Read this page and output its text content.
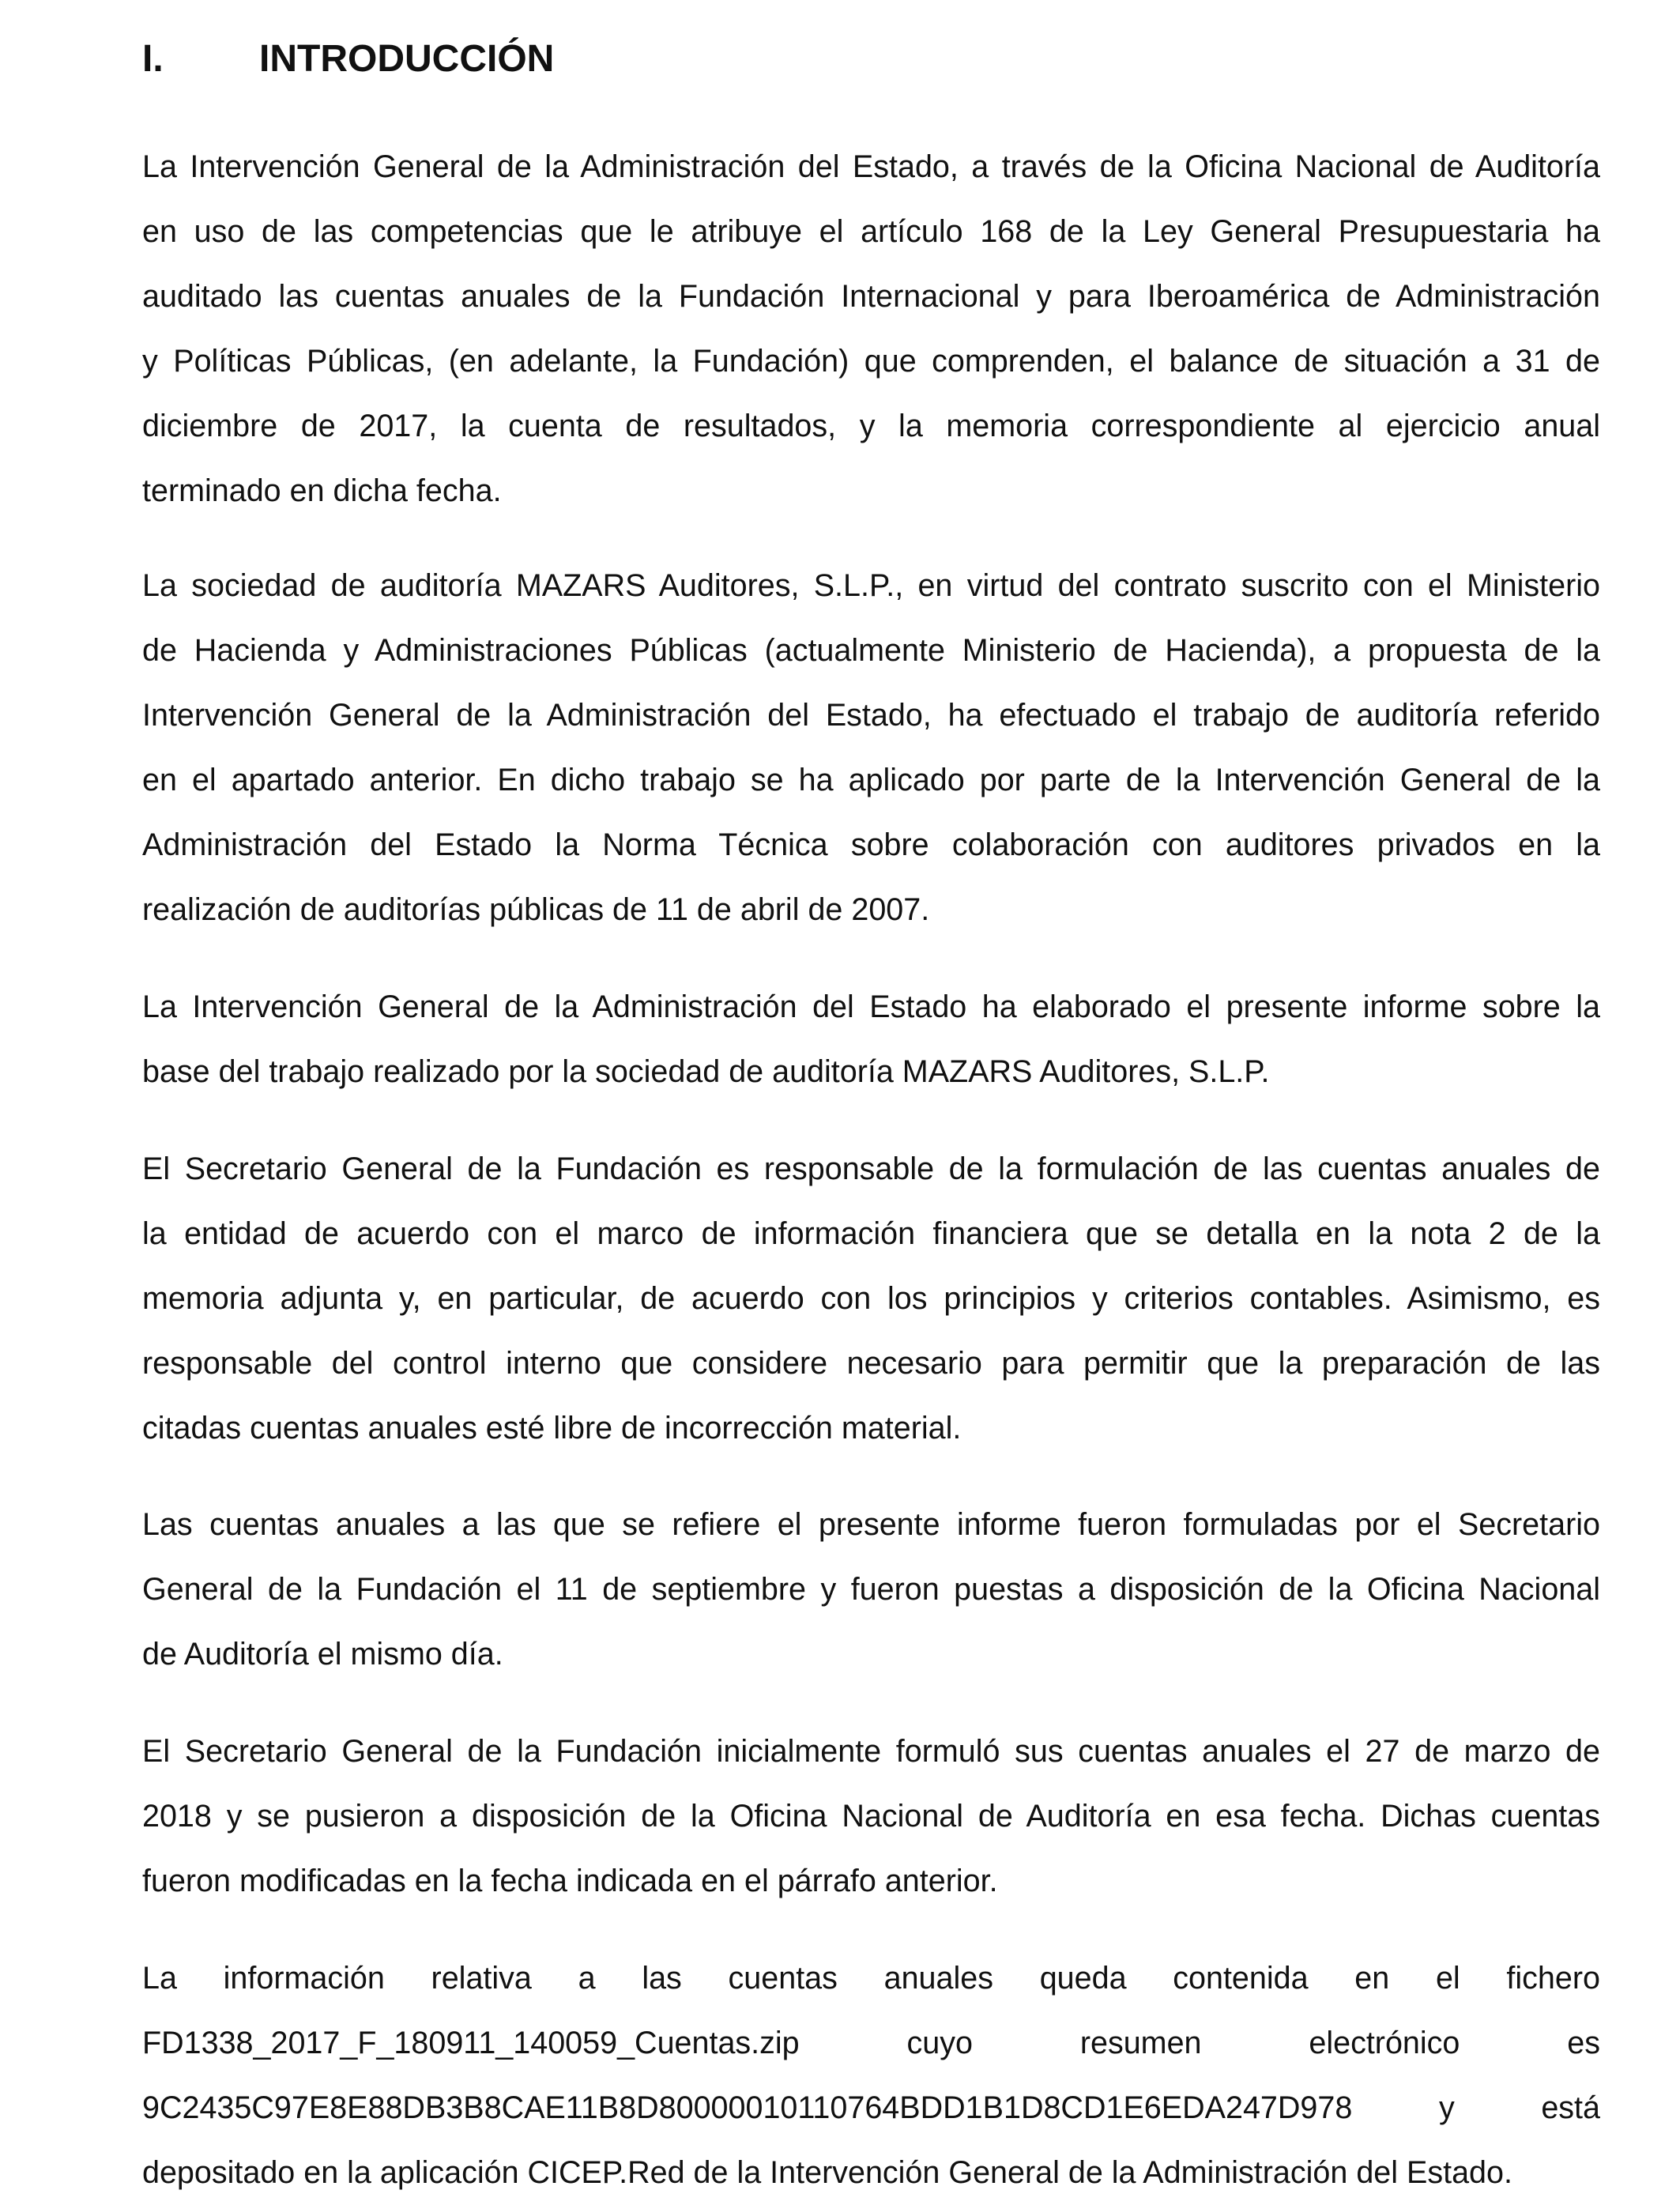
I.	INTRODUCCIÓN
La Intervención General de la Administración del Estado, a través de la Oficina Nacional de Auditoría
en uso de las competencias que le atribuye el artículo 168 de la Ley General Presupuestaria ha
auditado las cuentas anuales de la Fundación Internacional y para Iberoamérica de Administración
y Políticas Públicas, (en adelante, la Fundación) que comprenden, el balance de situación a 31 de
diciembre de 2017, la cuenta de resultados, y la memoria correspondiente al ejercicio anual
terminado en dicha fecha.
La sociedad de auditoría MAZARS Auditores, S.L.P., en virtud del contrato suscrito con el Ministerio
de Hacienda y Administraciones Públicas (actualmente Ministerio de Hacienda), a propuesta de la
Intervención General de la Administración del Estado, ha efectuado el trabajo de auditoría referido
en el apartado anterior. En dicho trabajo se ha aplicado por parte de la Intervención General de la
Administración del Estado la Norma Técnica sobre colaboración con auditores privados en la
realización de auditorías públicas de 11 de abril de 2007.
La Intervención General de la Administración del Estado ha elaborado el presente informe sobre la
base del trabajo realizado por la sociedad de auditoría MAZARS Auditores, S.L.P.
El Secretario General de la Fundación es responsable de la formulación de las cuentas anuales de
la entidad de acuerdo con el marco de información financiera que se detalla en la nota 2 de la
memoria adjunta y, en particular, de acuerdo con los principios y criterios contables. Asimismo, es
responsable del control interno que considere necesario para permitir que la preparación de las
citadas cuentas anuales esté libre de incorrección material.
Las cuentas anuales a las que se refiere el presente informe fueron formuladas por el Secretario
General de la Fundación el 11 de septiembre y fueron puestas a disposición de la Oficina Nacional
de Auditoría el mismo día.
El Secretario General de la Fundación inicialmente formuló sus cuentas anuales el 27 de marzo de
2018 y se pusieron a disposición de la Oficina Nacional de Auditoría en esa fecha. Dichas cuentas
fueron modificadas en la fecha indicada en el párrafo anterior.
La información relativa a las cuentas anuales queda contenida en el fichero
FD1338_2017_F_180911_140059_Cuentas.zip cuyo resumen electrónico es
9C2435C97E8E88DB3B8CAE11B8D80000010110764BDD1B1D8CD1E6EDA247D978 y está
depositado en la aplicación CICEP.Red de la Intervención General de la Administración del Estado.
